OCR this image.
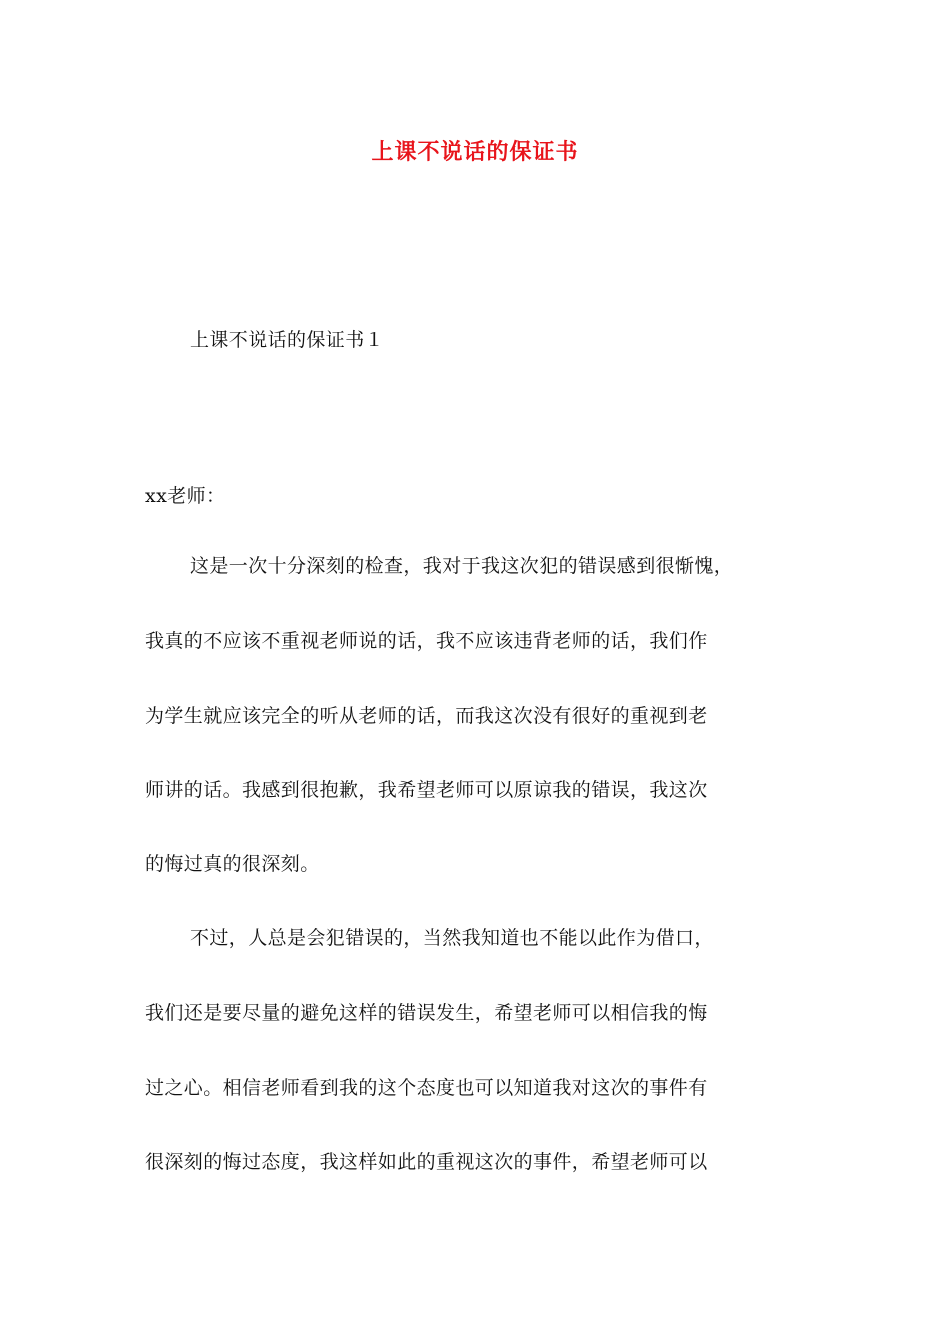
上课不说话的保证书
上课不说话的保证书１
xx老师：
这是一次十分深刻的检查，我对于我这次犯的错误感到很惭愧，
我真的不应该不重视老师说的话，我不应该违背老师的话，我们作
为学生就应该完全的听从老师的话，而我这次没有很好的重视到老
师讲的话。我感到很抱歉，我希望老师可以原谅我的错误，我这次
的悔过真的很深刻。
不过，人总是会犯错误的，当然我知道也不能以此作为借口，
我们还是要尽量的避免这样的错误发生，希望老师可以相信我的悔
过之心。相信老师看到我的这个态度也可以知道我对这次的事件有
很深刻的悔过态度，我这样如此的重视这次的事件，希望老师可以
